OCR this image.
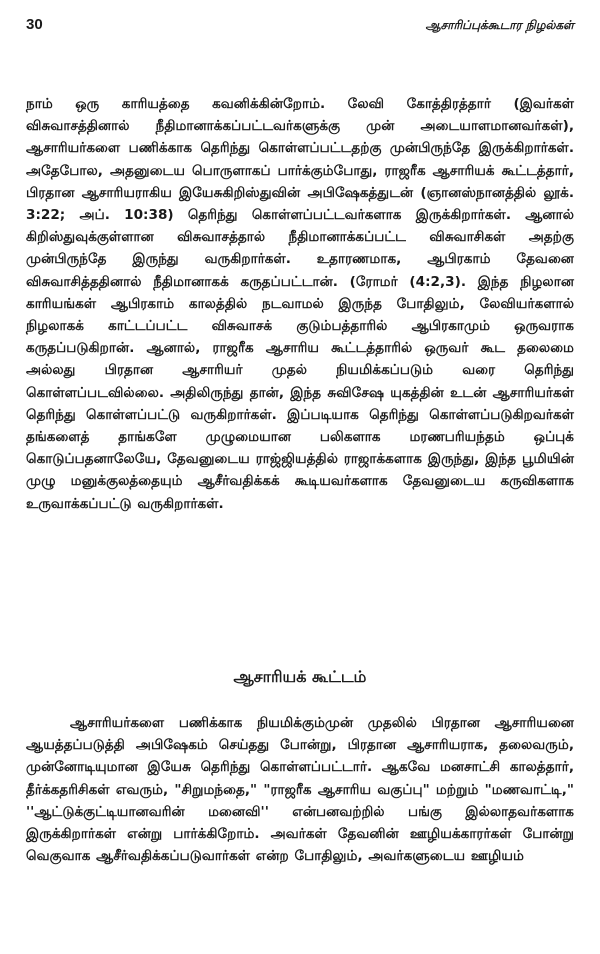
30	ஆசாரிப்புக்கூடார நிழல்கள்

நாம் ஒரு காரியத்தை கவனிக்கின்றோம். லேவி கோத்திரத்தார் (இவர்கள் விசுவாசத்தினால் நீதிமானாக்கப்பட்டவர்களுக்கு முன் அடையாளமானவர்கள்), ஆசாரியர்களை பணிக்காக தெரிந்து கொள்ளப்பட்டதற்கு முன்பிருந்தே இருக்கிறார்கள். அதேபோல, அதனுடைய பொருளாகப் பார்க்கும்போது, ராஜரீக ஆசாரியக் கூட்டத்தார், பிரதான ஆசாரியராகிய இயேசுகிறிஸ்துவின் அபிஷேகத்துடன் (ஞானஸ்நானத்தில் லூக். 3:22; அப். 10:38) தெரிந்து கொள்ளப்பட்டவர்களாக இருக்கிறார்கள். ஆனால் கிறிஸ்துவுக்குள்ளான விசுவாசத்தால் நீதிமானாக்கப்பட்ட விசுவாசிகள் அதற்கு முன்பிருந்தே இருந்து வருகிறார்கள். உதாரணமாக, ஆபிரகாம் தேவனை விசுவாசித்ததினால் நீதிமானாகக் கருதப்பட்டான். (ரோமர் (4:2,3). இந்த நிழலான காரியங்கள் ஆபிரகாம் காலத்தில் நடவாமல் இருந்த போதிலும், லேவியர்களால் நிழலாகக் காட்டப்பட்ட விசுவாசக் குடும்பத்தாரில் ஆபிரகாமும் ஒருவராக கருதப்படுகிறான். ஆனால், ராஜரீக ஆசாரிய கூட்டத்தாரில் ஒருவர் கூட தலைமை அல்லது பிரதான ஆசாரியர் முதல் நியமிக்கப்படும் வரை தெரிந்து கொள்ளப்படவில்லை. அதிலிருந்து தான், இந்த சுவிசேஷ யுகத்தின் உடன் ஆசாரியர்கள் தெரிந்து கொள்ளப்பட்டு வருகிறார்கள். இப்படியாக தெரிந்து கொள்ளப்படுகிறவர்கள் தங்களைத் தாங்களே முழுமையான பலிகளாக மரணபரியந்தம் ஒப்புக் கொடுப்பதனாலேயே, தேவனுடைய ராஜ்ஜியத்தில் ராஜாக்களாக இருந்து, இந்த பூமியின் முழு மனுக்குலத்தையும் ஆசீர்வதிக்கக் கூடியவர்களாக தேவனுடைய கருவிகளாக உருவாக்கப்பட்டு வருகிறார்கள்.

ஆசாரியக் கூட்டம்

ஆசாரியர்களை பணிக்காக நியமிக்கும்முன் முதலில் பிரதான ஆசாரியனை ஆயத்தப்படுத்தி அபிஷேகம் செய்தது போன்று, பிரதான ஆசாரியராக, தலைவரும், முன்னோடியுமான இயேசு தெரிந்து கொள்ளப்பட்டார். ஆகவே மனசாட்சி காலத்தார், தீர்க்கதரிசிகள் எவரும், "சிறுமந்தை," "ராஜரீக ஆசாரிய வகுப்பு" மற்றும் "மணவாட்டி," ''ஆட்டுக்குட்டியானவரின் மனைவி'' என்பனவற்றில் பங்கு இல்லாதவர்களாக இருக்கிறார்கள் என்று பார்க்கிறோம். அவர்கள் தேவனின் ஊழியக்காரர்கள் போன்று வெகுவாக ஆசீர்வதிக்கப்படுவார்கள் என்ற போதிலும், அவர்களுடைய ஊழியம்
